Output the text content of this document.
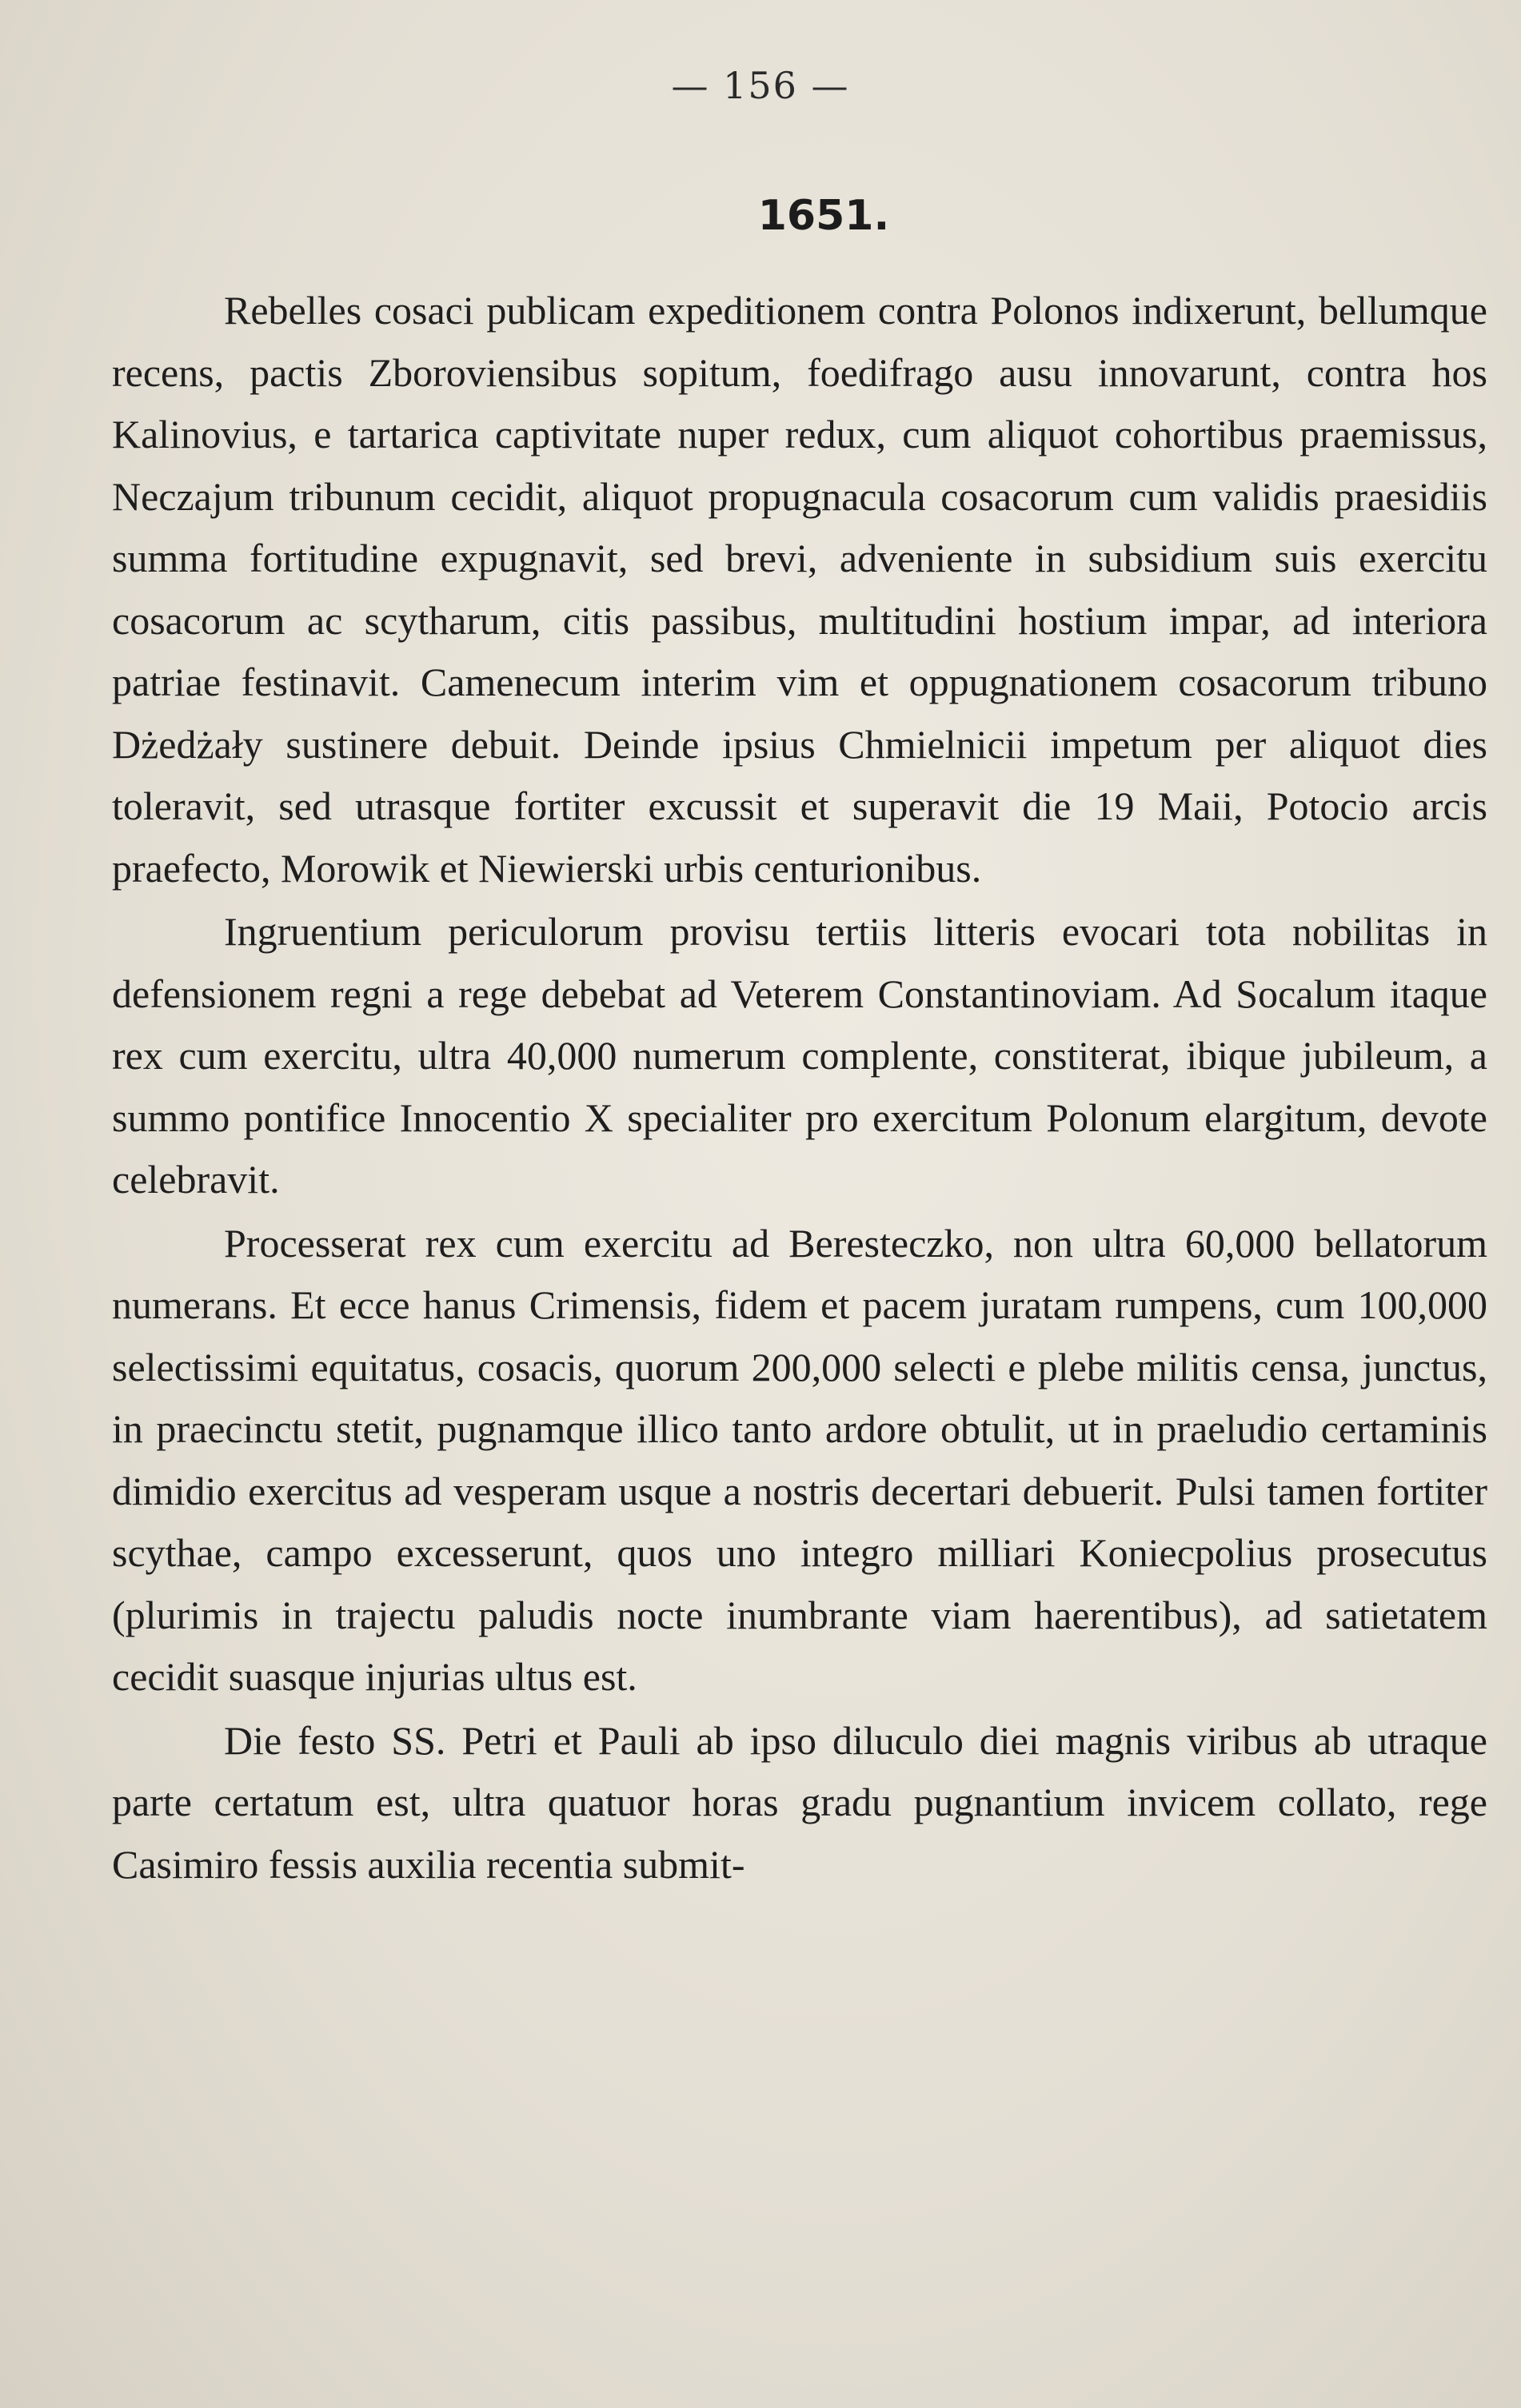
— 156 —
1651.

Rebelles cosaci publicam expeditionem contra Polonos indixerunt, bellumque recens, pactis Zboroviensibus sopitum, foedifrago ausu innovarunt, contra hos Kalinovius, e tartarica captivitate nuper redux, cum aliquot cohortibus praemissus, Neczajum tribunum cecidit, aliquot propugnacula cosacorum cum validis praesidiis summa fortitudine expugnavit, sed brevi, adveniente in subsidium suis exercitu cosacorum ac scytharum, citis passibus, multitudini hostium impar, ad interiora patriae festinavit. Camenecum interim vim et oppugnationem cosacorum tribuno Dżedżały sustinere debuit. Deinde ipsius Chmielnicii impetum per aliquot dies toleravit, sed utrasque fortiter excussit et superavit die 19 Maii, Potocio arcis praefecto, Morowik et Niewierski urbis centurionibus.

Ingruentium periculorum provisu tertiis litteris evocari tota nobilitas in defensionem regni a rege debebat ad Veterem Constantinoviam. Ad Socalum itaque rex cum exercitu, ultra 40,000 numerum complente, constiterat, ibique jubileum, a summo pontifice Innocentio X specialiter pro exercitum Polonum elargitum, devote celebravit.

Processerat rex cum exercitu ad Beresteczko, non ultra 60,000 bellatorum numerans. Et ecce hanus Crimensis, fidem et pacem juratam rumpens, cum 100,000 selectissimi equitatus, cosacis, quorum 200,000 selecti e plebe militis censa, junctus, in praecinctu stetit, pugnamque illico tanto ardore obtulit, ut in praeludio certaminis dimidio exercitus ad vesperam usque a nostris decertari debuerit. Pulsi tamen fortiter scythae, campo excesserunt, quos uno integro milliari Koniecpolius prosecutus (plurimis in trajectu paludis nocte inumbrante viam haerentibus), ad satietatem cecidit suasque injurias ultus est.

Die festo SS. Petri et Pauli ab ipso diluculo diei magnis viribus ab utraque parte certatum est, ultra quatuor horas gradu pugnantium invicem collato, rege Casimiro fessis auxilia recentia submit-
